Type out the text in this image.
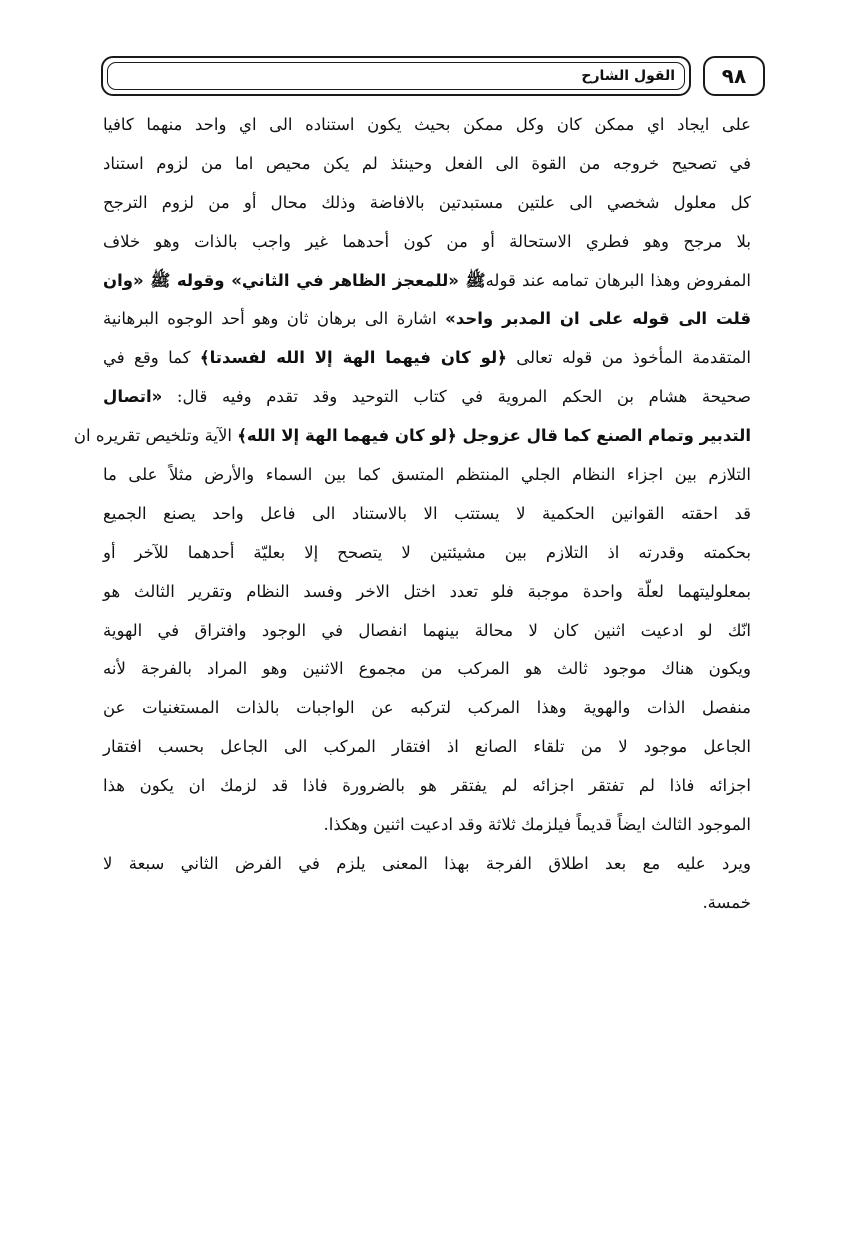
٩٨
القول الشارح
على ايجاد اي ممكن كان وكل ممكن بحيث يكون استناده الى اي واحد منهما كافيا
في تصحيح خروجه من القوة الى الفعل وحينئذ لم يكن محيص اما من لزوم استناد
كل معلول شخصي الى علتين مستبدتين بالافاضة وذلك محال أو من لزوم الترجح
بلا مرجح وهو فطري الاستحالة أو من كون أحدهما غير واجب بالذات وهو خلاف
المفروض وهذا البرهان تمامه عند قولهﷺ «للمعجز الظاهر في الثاني» وقوله ﷺ «وان
قلت الى قوله على ان المدبر واحد» اشارة الى برهان ثان وهو أحد الوجوه البرهانية
المتقدمة المأخوذ من قوله تعالى ﴿لو كان فيهما الهة إلا الله لفسدتا﴾ كما وقع في
صحيحة هشام بن الحكم المروية في كتاب التوحيد وقد تقدم وفيه قال: «اتصال
التدبير وتمام الصنع كما قال عزوجل ﴿لو كان فيهما الهة إلا الله﴾ الآية وتلخيص تقريره ان
التلازم بين اجزاء النظام الجلي المنتظم المتسق كما بين السماء والأرض مثلاً على ما
قد احقته القوانين الحكمية لا يستتب الا بالاستناد الى فاعل واحد يصنع الجميع
بحكمته وقدرته اذ التلازم بين مشيئتين لا يتصحح إلا بعليّة أحدهما للآخر أو
بمعلوليتهما لعلّة واحدة موجبة فلو تعدد اختل الاخر وفسد النظام وتقرير الثالث هو
انّك لو ادعيت اثنين كان لا محالة بينهما انفصال في الوجود وافتراق في الهوية
ويكون هناك موجود ثالث هو المركب من مجموع الاثنين وهو المراد بالفرجة لأنه
منفصل الذات والهوية وهذا المركب لتركبه عن الواجبات بالذات المستغنيات عن
الجاعل موجود لا من تلقاء الصانع اذ افتقار المركب الى الجاعل بحسب افتقار
اجزائه فاذا لم تفتقر اجزائه لم يفتقر هو بالضرورة فاذا قد لزمك ان يكون هذا
الموجود الثالث ايضاً قديماً فيلزمك ثلاثة وقد ادعيت اثنين وهكذا.
ويرد عليه مع بعد اطلاق الفرجة بهذا المعنى يلزم في الفرض الثاني سبعة لا
خمسة.
